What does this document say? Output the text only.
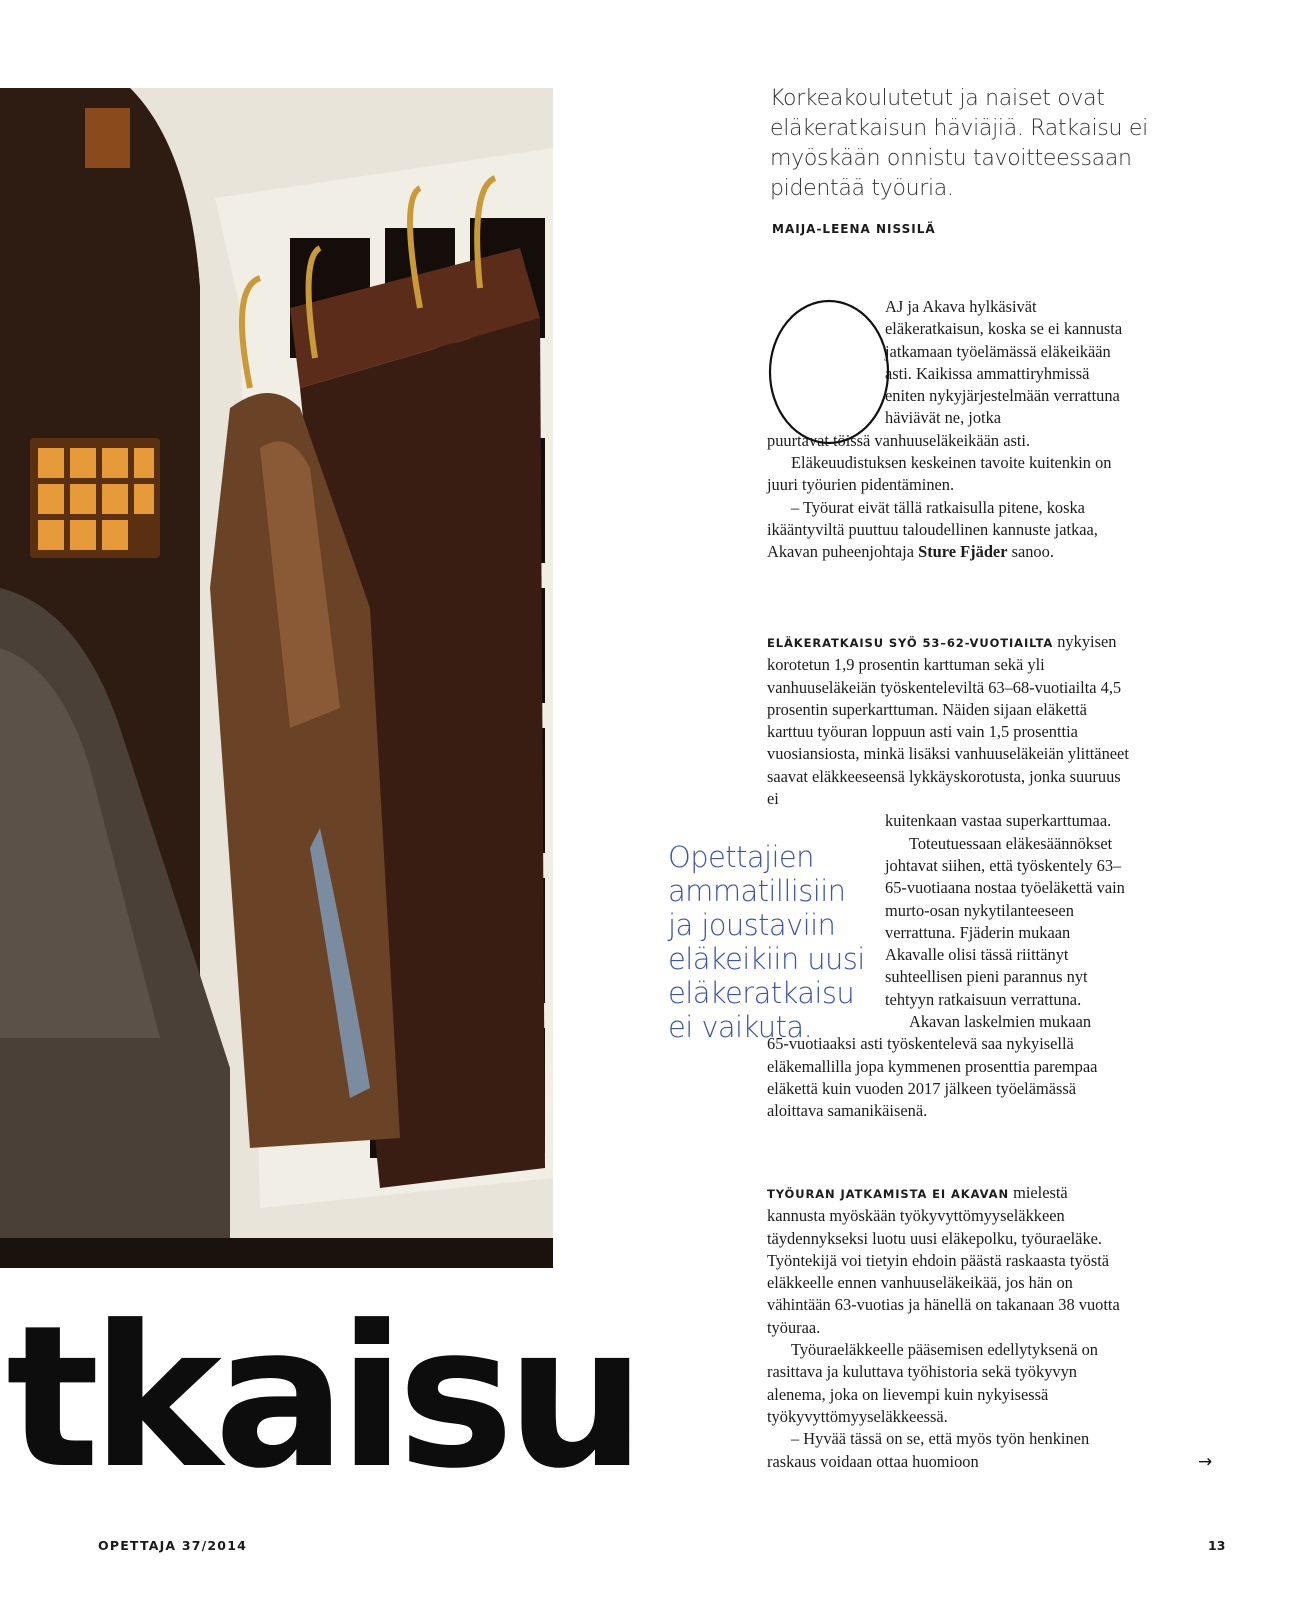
tkaisu
Korkeakoulutetut ja naiset ovat eläkeratkaisun häviäjiä. Ratkaisu ei myöskään onnistu tavoitteessaan pidentää työuria.
MAIJA-LEENA NISSILÄ

AJ ja Akava hylkäsivät eläkeratkaisun, koska se ei kannusta jatkamaan työelämässä eläkeikään asti. Kaikissa ammattiryhmissä eniten nykyjärjestelmään verrattuna häviävät ne, jotka

puurtavat töissä vanhuuseläkeikään asti.

Eläkeuudistuksen keskeinen tavoite kuitenkin on juuri työurien pidentäminen.

– Työurat eivät tällä ratkaisulla pitene, koska ikääntyviltä puuttuu taloudellinen kannuste jatkaa, Akavan puheenjohtaja Sture Fjäder sanoo.

ELÄKERATKAISU SYÖ 53–62-VUOTIAILTA nykyisen korotetun 1,9 prosentin karttuman sekä yli vanhuuseläkeiän työskenteleviltä 63–68-vuotiailta 4,5 prosentin superkarttuman. Näiden sijaan eläkettä karttuu työuran loppuun asti vain 1,5 prosenttia vuosiansiosta, minkä lisäksi vanhuuseläkeiän ylittäneet saavat eläkkeeseensä lykkäyskorotusta, jonka suuruus ei

kuitenkaan vastaa superkarttumaa.

Toteutuessaan eläkesäännökset johtavat siihen, että työskentely 63–65-vuotiaana nostaa työeläkettä vain murto-osan nykytilanteeseen verrattuna. Fjäderin mukaan Akavalle olisi tässä riittänyt suhteellisen pieni parannus nyt tehtyyn ratkaisuun verrattuna.

Akavan laskelmien mukaan

65-vuotiaaksi asti työskentelevä saa nykyisellä eläkemallilla jopa kymmenen prosenttia parempaa eläkettä kuin vuoden 2017 jälkeen työelämässä aloittava samanikäisenä.

TYÖURAN JATKAMISTA EI AKAVAN mielestä kannusta myöskään työkyvyttömyyseläkkeen täydennykseksi luotu uusi eläkepolku, työuraeläke. Työntekijä voi tietyin ehdoin päästä raskaasta työstä eläkkeelle ennen vanhuuseläkeikää, jos hän on vähintään 63-vuotias ja hänellä on takanaan 38 vuotta työuraa.

Työuraeläkkeelle pääsemisen edellytyksenä on rasittava ja kuluttava työhistoria sekä työkyvyn alenema, joka on lievempi kuin nykyisessä työkyvyttömyyseläkkeessä.

– Hyvää tässä on se, että myös työn henkinen raskaus voidaan ottaa huomioon

Opettajien ammatillisiin ja joustaviin eläkeikiin uusi eläkeratkaisu ei vaikuta.
→
OPETTAJA 37/2014	13
